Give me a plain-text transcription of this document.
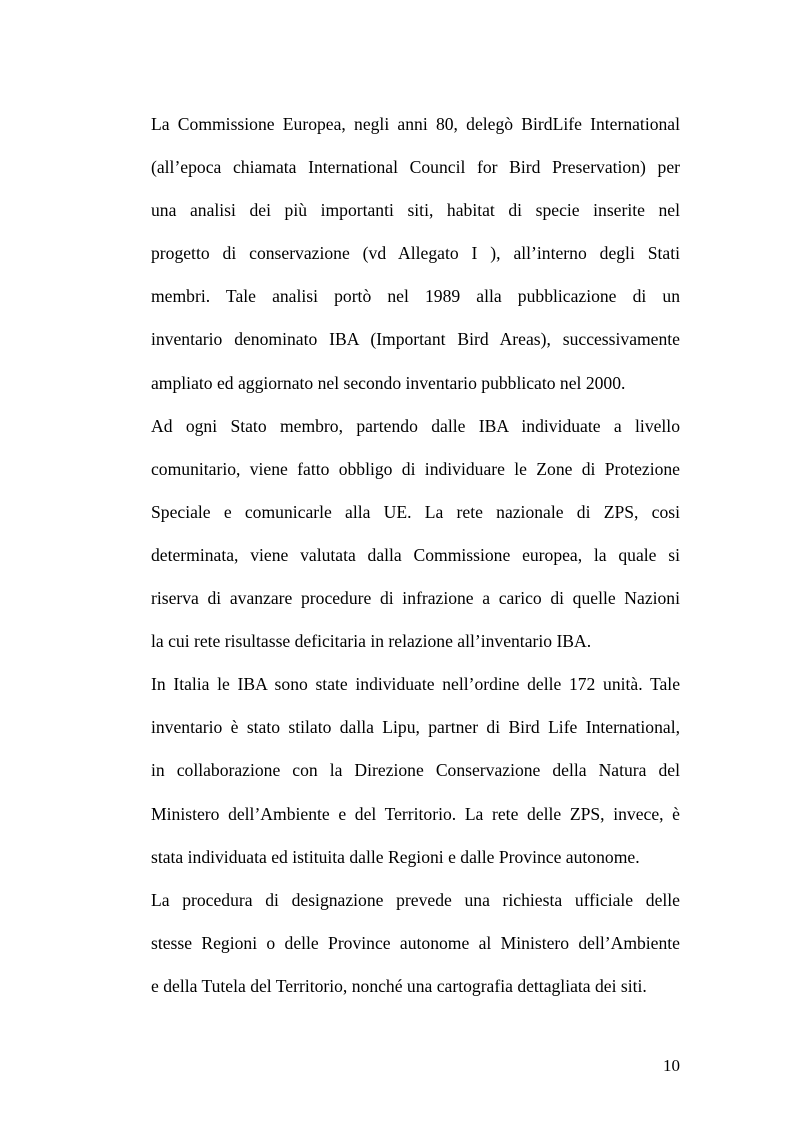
La Commissione Europea, negli anni 80, delegò BirdLife International
(all’epoca chiamata International Council for Bird Preservation) per
una analisi dei più importanti siti, habitat di specie inserite nel
progetto di conservazione (vd Allegato I ), all’interno degli Stati
membri. Tale analisi portò nel 1989 alla pubblicazione di un
inventario denominato IBA (Important Bird Areas), successivamente
ampliato ed aggiornato nel secondo inventario pubblicato nel 2000.
Ad ogni Stato membro, partendo dalle IBA individuate a livello
comunitario, viene fatto obbligo di individuare le Zone di Protezione
Speciale e comunicarle alla UE. La rete nazionale di ZPS, cosi
determinata, viene valutata dalla Commissione europea, la quale si
riserva di avanzare procedure di infrazione a carico di quelle Nazioni
la cui rete risultasse deficitaria in relazione all’inventario IBA.
In Italia le IBA sono state individuate nell’ordine delle 172 unità. Tale
inventario è stato stilato dalla Lipu, partner di Bird Life International,
in collaborazione con la Direzione Conservazione della Natura del
Ministero dell’Ambiente e del Territorio. La rete delle ZPS, invece, è
stata individuata ed istituita dalle Regioni e dalle Province autonome.
La procedura di designazione prevede una richiesta ufficiale delle
stesse Regioni o delle Province autonome al Ministero dell’Ambiente
e della Tutela del Territorio, nonché una cartografia dettagliata dei siti.
10
